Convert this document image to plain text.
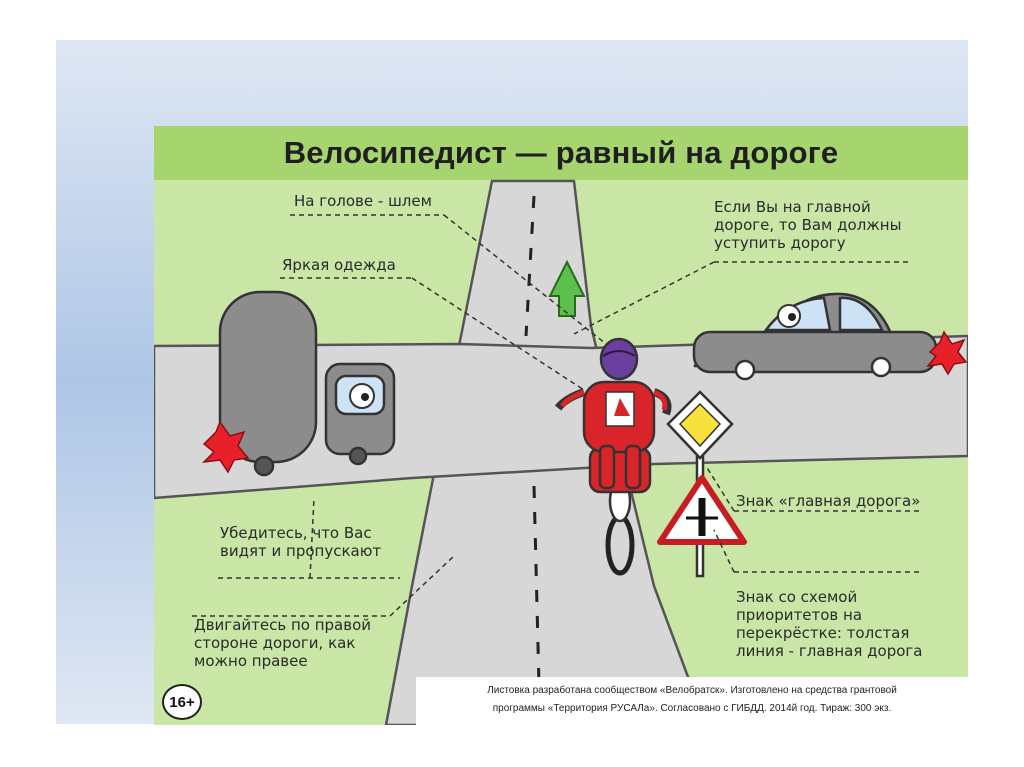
Велосипедист — равный на дороге
На голове - шлем
Яркая одежда
Если Вы на главной
дороге, то Вам должны
уступить дорогу
Знак «главная дорога»
Убедитесь, что Вас
видят и пропускают
Двигайтесь по правой
стороне дороги, как
можно правее
Знак со схемой
приоритетов на
перекрёстке: толстая
линия - главная дорога
16+
Листовка разработана сообществом «Велобратск». Изготовлено на средства грантовой
программы «Территория РУСАЛа». Согласовано с ГИБДД. 2014й год. Тираж: 300 экз.
